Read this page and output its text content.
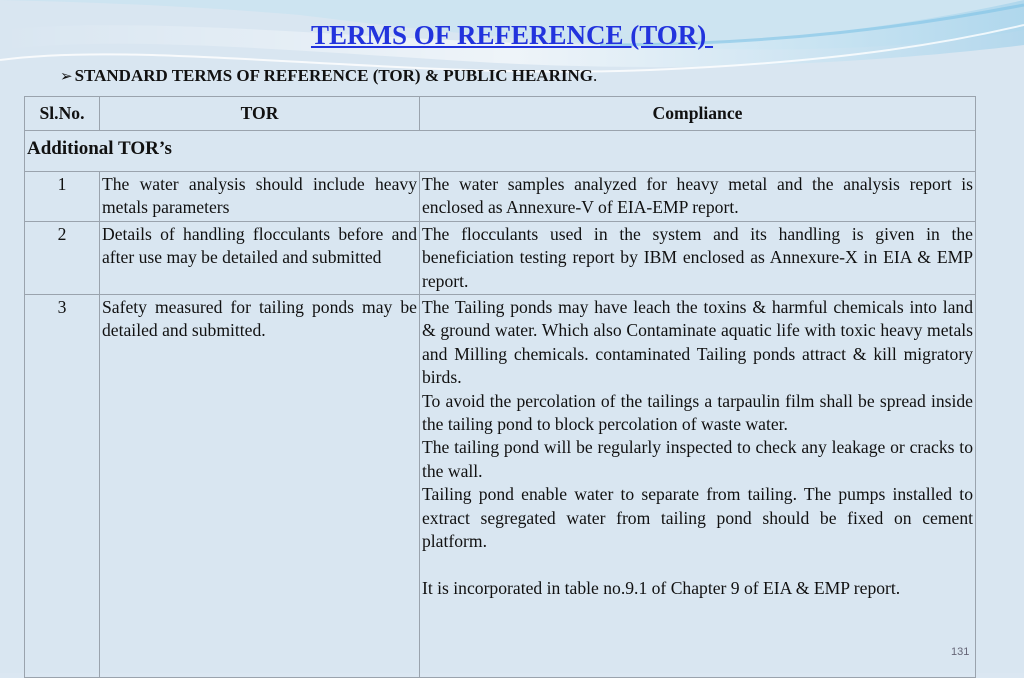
TERMS OF REFERENCE (TOR)
➢ STANDARD TERMS OF REFERENCE (TOR) & PUBLIC HEARING.
Sl.No.	TOR	Compliance
Additional TOR’s		
1	The water analysis should include heavy metals parameters	The water samples analyzed for heavy metal and the analysis report is enclosed as Annexure-V of EIA-EMP report.

2	Details of handling flocculants before and after use may be detailed and submitted	The flocculants used in the system and its handling is given in the beneficiation testing report by IBM enclosed as Annexure-X in EIA & EMP report.

3	Safety measured for tailing ponds may be detailed and submitted.	The Tailing ponds may have leach the toxins & harmful chemicals into land & ground water. Which also Contaminate aquatic life with toxic heavy metals and Milling chemicals. contaminated Tailing ponds attract & kill migratory birds.

To avoid the percolation of the tailings a tarpaulin film shall be spread inside the tailing pond to block percolation of waste water.

The tailing pond will be regularly inspected to check any leakage or cracks to the wall.

Tailing pond enable water to separate from tailing. The pumps installed to extract segregated water from tailing pond should be fixed on cement platform.

It is incorporated in table no.9.1 of Chapter 9 of EIA & EMP report.

131
